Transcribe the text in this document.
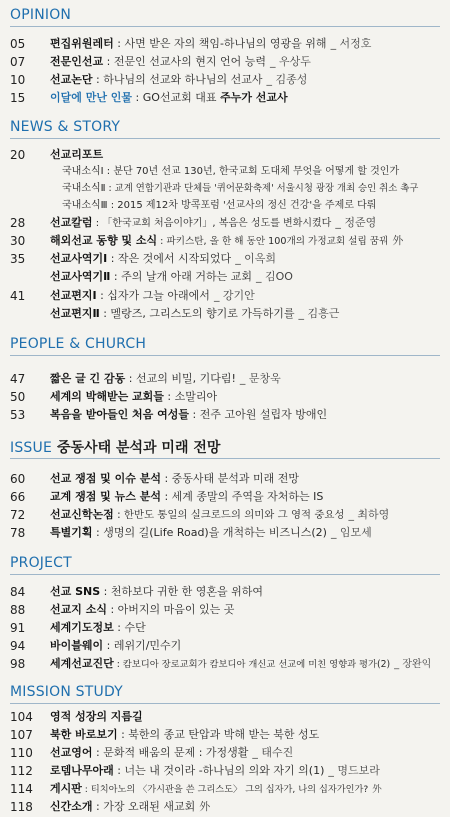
OPINION
05	편집위원레터 : 사면 받은 자의 책임-하나님의 영광을 위해 _ 서정호
07	전문인선교 : 전문인 선교사의 현지 언어 능력 _ 우상두
10	선교논단 : 하나님의 선교와 하나님의 선교사 _ 김종성
15	이달에 만난 인물 : GO선교회 대표 주누가 선교사
NEWS & STORY
20	선교리포트
국내소식Ⅰ : 분단 70년 선교 130년, 한국교회 도대체 무엇을 어떻게 할 것인가
국내소식Ⅱ : 교계 연합기관과 단체들 '퀴어문화축제' 서울시청 광장 개최 승인 취소 촉구
국내소식Ⅲ : 2015 제12차 방콕포럼 '선교사의 정신 건강'을 주제로 다뤄
28	선교칼럼 : 「한국교회 처음이야기」, 복음은 성도를 변화시켰다 _ 정준영
30	해외선교 동향 및 소식 : 파키스탄, 올 한 해 동안 100개의 가정교회 설립 꿈꿔 外
35	선교사역기Ⅰ : 작은 것에서 시작되었다 _ 이옥희
선교사역기Ⅱ : 주의 날개 아래 거하는 교회 _ 김OO
41	선교편지Ⅰ : 십자가 그늘 아래에서 _ 강기안
선교편지Ⅱ : 멜랑즈, 그리스도의 향기로 가득하기를 _ 김흥근
PEOPLE & CHURCH
47	짧은 글 긴 감동 : 선교의 비밀, 기다림! _ 문창욱
50	세계의 박해받는 교회들 : 소말리아
53	복음을 받아들인 처음 여성들 : 전주 고아원 설립자 방애인
ISSUE 중동사태 분석과 미래 전망
60	선교 쟁점 및 이슈 분석 : 중동사태 분석과 미래 전망
66	교계 쟁점 및 뉴스 분석 : 세계 종말의 주역을 자처하는 IS
72	선교신학논점 : 한반도 통일의 실크로드의 의미와 그 영적 중요성 _ 최하영
78	특별기획 : 생명의 길(Life Road)을 개척하는 비즈니스(2) _ 임모세
PROJECT
84	선교 SNS : 천하보다 귀한 한 영혼을 위하여
88	선교지 소식 : 아버지의 마음이 있는 곳
91	세계기도정보 : 수단
94	바이블웨이 : 레위기/민수기
98	세계선교진단 : 캄보디아 장로교회가 캄보디아 개신교 선교에 미친 영향과 평가(2) _ 장완익
MISSION STUDY
104	영적 성장의 지름길
107	북한 바로보기 : 북한의 종교 탄압과 박해 받는 북한 성도
110	선교영어 : 문화적 배움의 문제 : 가정생활 _ 태수진
112	로뎀나무아래 : 너는 내 것이라 -하나님의 의와 자기 의(1) _ 명드보라
114	게시판 : 티치아노의 〈가시관을 쓴 그리스도〉 그의 십자가, 나의 십자가인가? 外
118	신간소개 : 가장 오래된 새교회 外
